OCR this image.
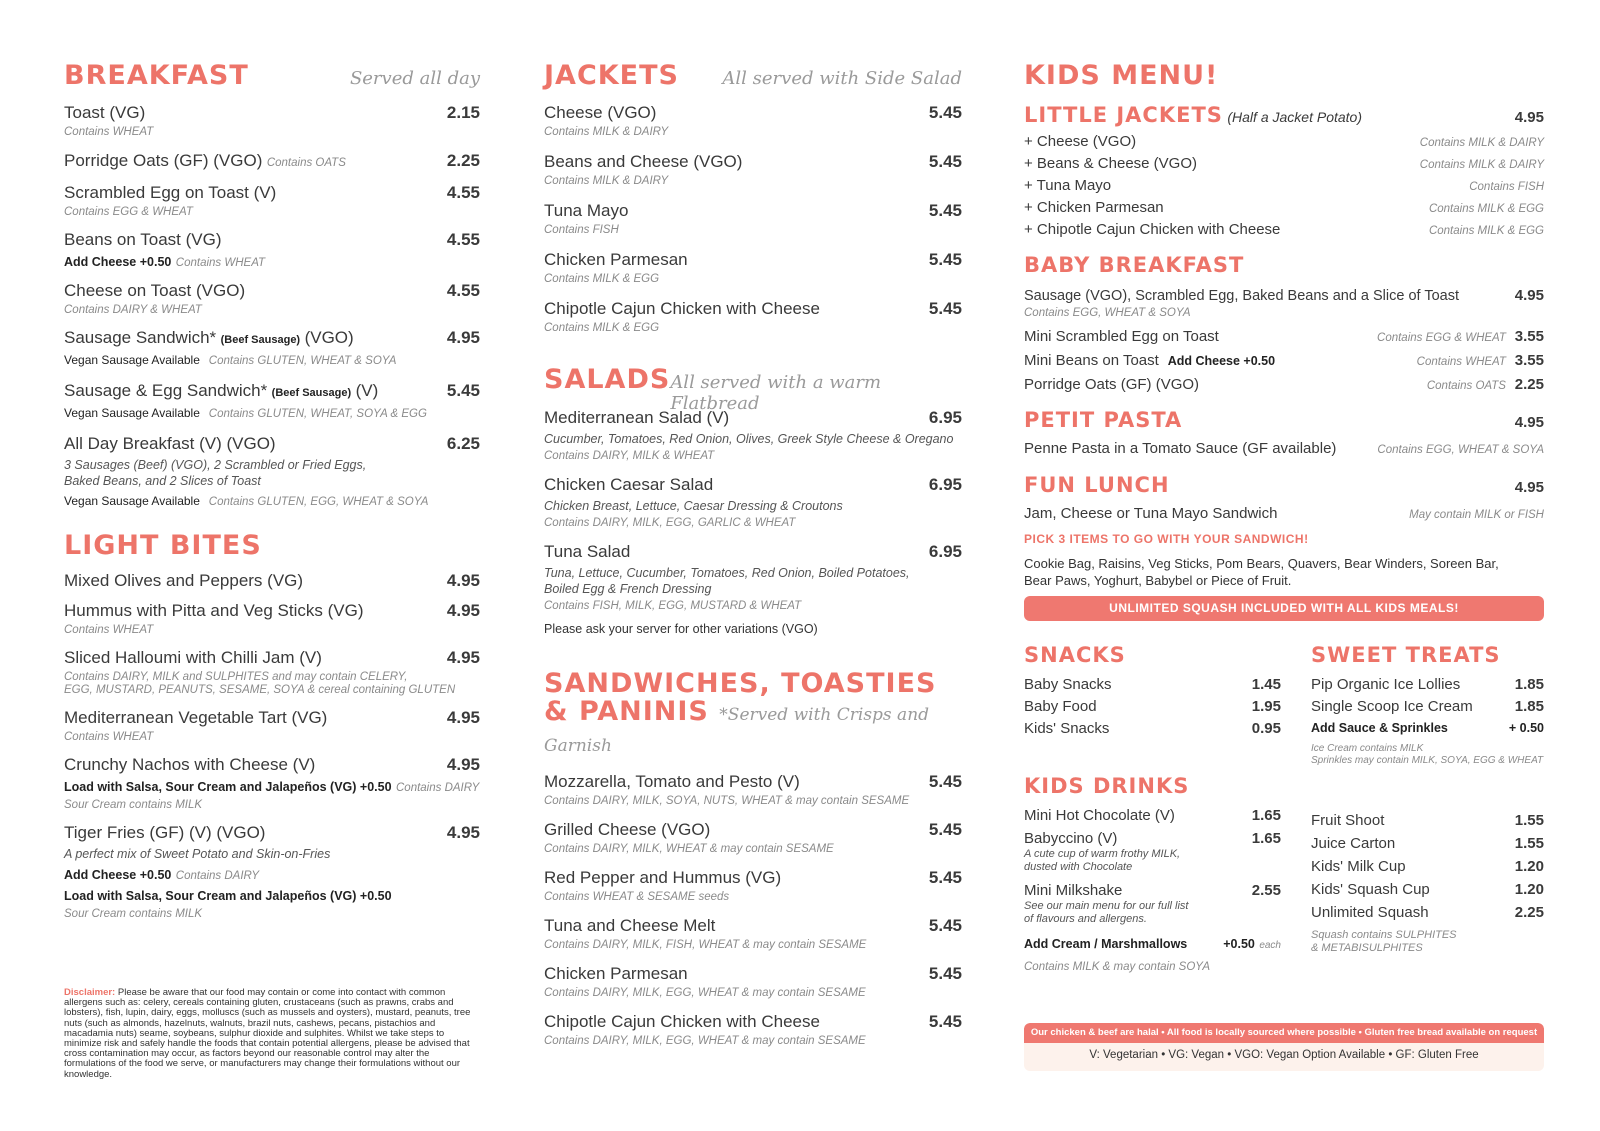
BREAKFAST	Served all day
Toast (VG)	2.15
Contains WHEAT
Porridge Oats (GF) (VGO) Contains OATS	2.25
Scrambled Egg on Toast (V)	4.55
Contains EGG & WHEAT
Beans on Toast (VG)	4.55
Add Cheese +0.50 Contains WHEAT
Cheese on Toast (VGO)	4.55
Contains DAIRY & WHEAT
Sausage Sandwich* (Beef Sausage) (VGO)	4.95
Vegan Sausage Available Contains GLUTEN, WHEAT & SOYA
Sausage & Egg Sandwich* (Beef Sausage) (V)	5.45
Vegan Sausage Available Contains GLUTEN, WHEAT, SOYA & EGG
All Day Breakfast (V) (VGO)	6.25
3 Sausages (Beef) (VGO), 2 Scrambled or Fried Eggs,
Baked Beans, and 2 Slices of Toast
Vegan Sausage Available Contains GLUTEN, EGG, WHEAT & SOYA
LIGHT BITES
Mixed Olives and Peppers (VG)	4.95
Hummus with Pitta and Veg Sticks (VG)	4.95
Contains WHEAT
Sliced Halloumi with Chilli Jam (V)	4.95
Contains DAIRY, MILK and SULPHITES and may contain CELERY,
EGG, MUSTARD, PEANUTS, SESAME, SOYA & cereal containing GLUTEN
Mediterranean Vegetable Tart (VG)	4.95
Contains WHEAT
Crunchy Nachos with Cheese (V)	4.95
Load with Salsa, Sour Cream and Jalapeños (VG) +0.50 Contains DAIRY
Sour Cream contains MILK
Tiger Fries (GF) (V) (VGO)	4.95
A perfect mix of Sweet Potato and Skin-on-Fries
Add Cheese +0.50 Contains DAIRY
Load with Salsa, Sour Cream and Jalapeños (VG) +0.50
Sour Cream contains MILK
Disclaimer: Please be aware that our food may contain or come into contact with common allergens such as: celery, cereals containing gluten, crustaceans (such as prawns, crabs and lobsters), fish, lupin, dairy, eggs, molluscs (such as mussels and oysters), mustard, peanuts, tree nuts (such as almonds, hazelnuts, walnuts, brazil nuts, cashews, pecans, pistachios and macadamia nuts) seame, soybeans, sulphur dioxide and sulphites. Whilst we take steps to minimize risk and safely handle the foods that contain potential allergens, please be advised that cross contamination may occur, as factors beyond our reasonable control may alter the formulations of the food we serve, or manufacturers may change their formulations without our knowledge.
JACKETS All served with Side Salad
Cheese (VGO)	5.45
Contains MILK & DAIRY
Beans and Cheese (VGO)	5.45
Contains MILK & DAIRY
Tuna Mayo	5.45
Contains FISH
Chicken Parmesan	5.45
Contains MILK & EGG
Chipotle Cajun Chicken with Cheese	5.45
Contains MILK & EGG
SALADS All served with a warm Flatbread
Mediterranean Salad (V)	6.95
Cucumber, Tomatoes, Red Onion, Olives, Greek Style Cheese & Oregano
Contains DAIRY, MILK & WHEAT
Chicken Caesar Salad	6.95
Chicken Breast, Lettuce, Caesar Dressing & Croutons
Contains DAIRY, MILK, EGG, GARLIC & WHEAT
Tuna Salad	6.95
Tuna, Lettuce, Cucumber, Tomatoes, Red Onion, Boiled Potatoes,
Boiled Egg & French Dressing
Contains FISH, MILK, EGG, MUSTARD & WHEAT
Please ask your server for other variations (VGO)
SANDWICHES, TOASTIES
& PANINIS *Served with Crisps and Garnish
Mozzarella, Tomato and Pesto (V)	5.45
Contains DAIRY, MILK, SOYA, NUTS, WHEAT & may contain SESAME
Grilled Cheese (VGO)	5.45
Contains DAIRY, MILK, WHEAT & may contain SESAME
Red Pepper and Hummus (VG)	5.45
Contains WHEAT & SESAME seeds
Tuna and Cheese Melt	5.45
Contains DAIRY, MILK, FISH, WHEAT & may contain SESAME
Chicken Parmesan	5.45
Contains DAIRY, MILK, EGG, WHEAT & may contain SESAME
Chipotle Cajun Chicken with Cheese	5.45
Contains DAIRY, MILK, EGG, WHEAT & may contain SESAME
KIDS MENU!
LITTLE JACKETS (Half a Jacket Potato)	4.95
+ Cheese (VGO)	Contains MILK & DAIRY
+ Beans & Cheese (VGO)	Contains MILK & DAIRY
+ Tuna Mayo	Contains FISH
+ Chicken Parmesan	Contains MILK & EGG
+ Chipotle Cajun Chicken with Cheese	Contains MILK & EGG
BABY BREAKFAST
Sausage (VGO), Scrambled Egg, Baked Beans and a Slice of Toast	4.95
Contains EGG, WHEAT & SOYA
Mini Scrambled Egg on Toast	Contains EGG & WHEAT 3.55
Mini Beans on Toast Add Cheese +0.50	Contains WHEAT 3.55
Porridge Oats (GF) (VGO)	Contains OATS 2.25
PETIT PASTA	4.95
Penne Pasta in a Tomato Sauce (GF available)	Contains EGG, WHEAT & SOYA
FUN LUNCH	4.95
Jam, Cheese or Tuna Mayo Sandwich	May contain MILK or FISH
PICK 3 ITEMS TO GO WITH YOUR SANDWICH!
Cookie Bag, Raisins, Veg Sticks, Pom Bears, Quavers, Bear Winders, Soreen Bar,
Bear Paws, Yoghurt, Babybel or Piece of Fruit.
UNLIMITED SQUASH INCLUDED WITH ALL KIDS MEALS!
SNACKS
Baby Snacks	1.45
Baby Food	1.95
Kids' Snacks	0.95
SWEET TREATS
Pip Organic Ice Lollies	1.85
Single Scoop Ice Cream	1.85
Add Sauce & Sprinkles	+ 0.50
Ice Cream contains MILK
Sprinkles may contain MILK, SOYA, EGG & WHEAT
KIDS DRINKS
Mini Hot Chocolate (V)	1.65
Babyccino (V)	1.65
A cute cup of warm frothy MILK,
dusted with Chocolate
Mini Milkshake	2.55
See our main menu for our full list
of flavours and allergens.
Add Cream / Marshmallows	+0.50 each
Contains MILK & may contain SOYA
Fruit Shoot	1.55
Juice Carton	1.55
Kids' Milk Cup	1.20
Kids' Squash Cup	1.20
Unlimited Squash	2.25
Squash contains SULPHITES
& METABISULPHITES
Our chicken & beef are halal • All food is locally sourced where possible • Gluten free bread available on request
V: Vegetarian • VG: Vegan • VGO: Vegan Option Available • GF: Gluten Free
